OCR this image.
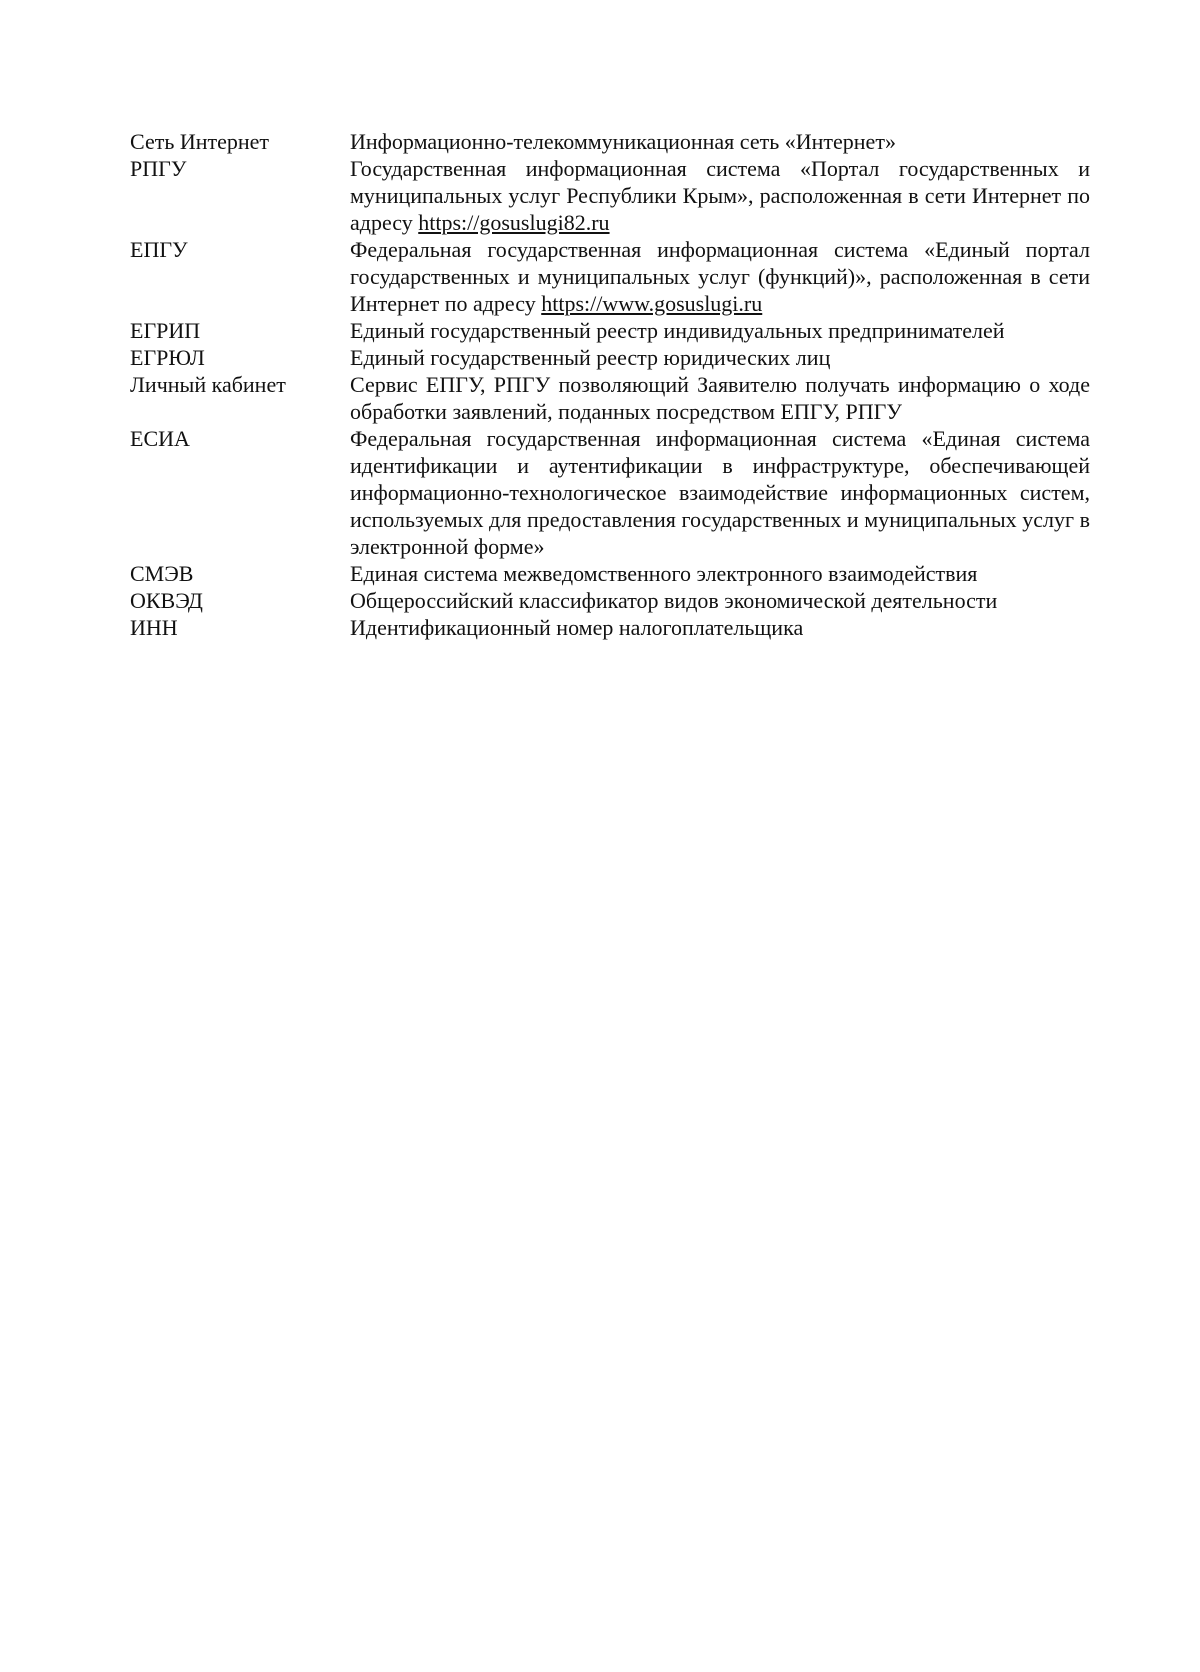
Сеть Интернет	Информационно-телекоммуникационная сеть «Интернет»
РПГУ	Государственная информационная система «Портал государственных и муниципальных услуг Республики Крым», расположенная в сети Интернет по адресу https://gosuslugi82.ru
ЕПГУ	Федеральная государственная информационная система «Единый портал государственных и муниципальных услуг (функций)», расположенная в сети Интернет по адресу https://www.gosuslugi.ru
ЕГРИП	Единый государственный реестр индивидуальных предпринимателей
ЕГРЮЛ	Единый государственный реестр юридических лиц
Личный кабинет	Сервис ЕПГУ, РПГУ позволяющий Заявителю получать информацию о ходе обработки заявлений, поданных посредством ЕПГУ, РПГУ
ЕСИА	Федеральная государственная информационная система «Единая система идентификации и аутентификации в инфраструктуре, обеспечивающей информационно-технологическое взаимодействие информационных систем, используемых для предоставления государственных и муниципальных услуг в электронной форме»
СМЭВ	Единая система межведомственного электронного взаимодействия
ОКВЭД	Общероссийский классификатор видов экономической деятельности
ИНН	Идентификационный номер налогоплательщика
